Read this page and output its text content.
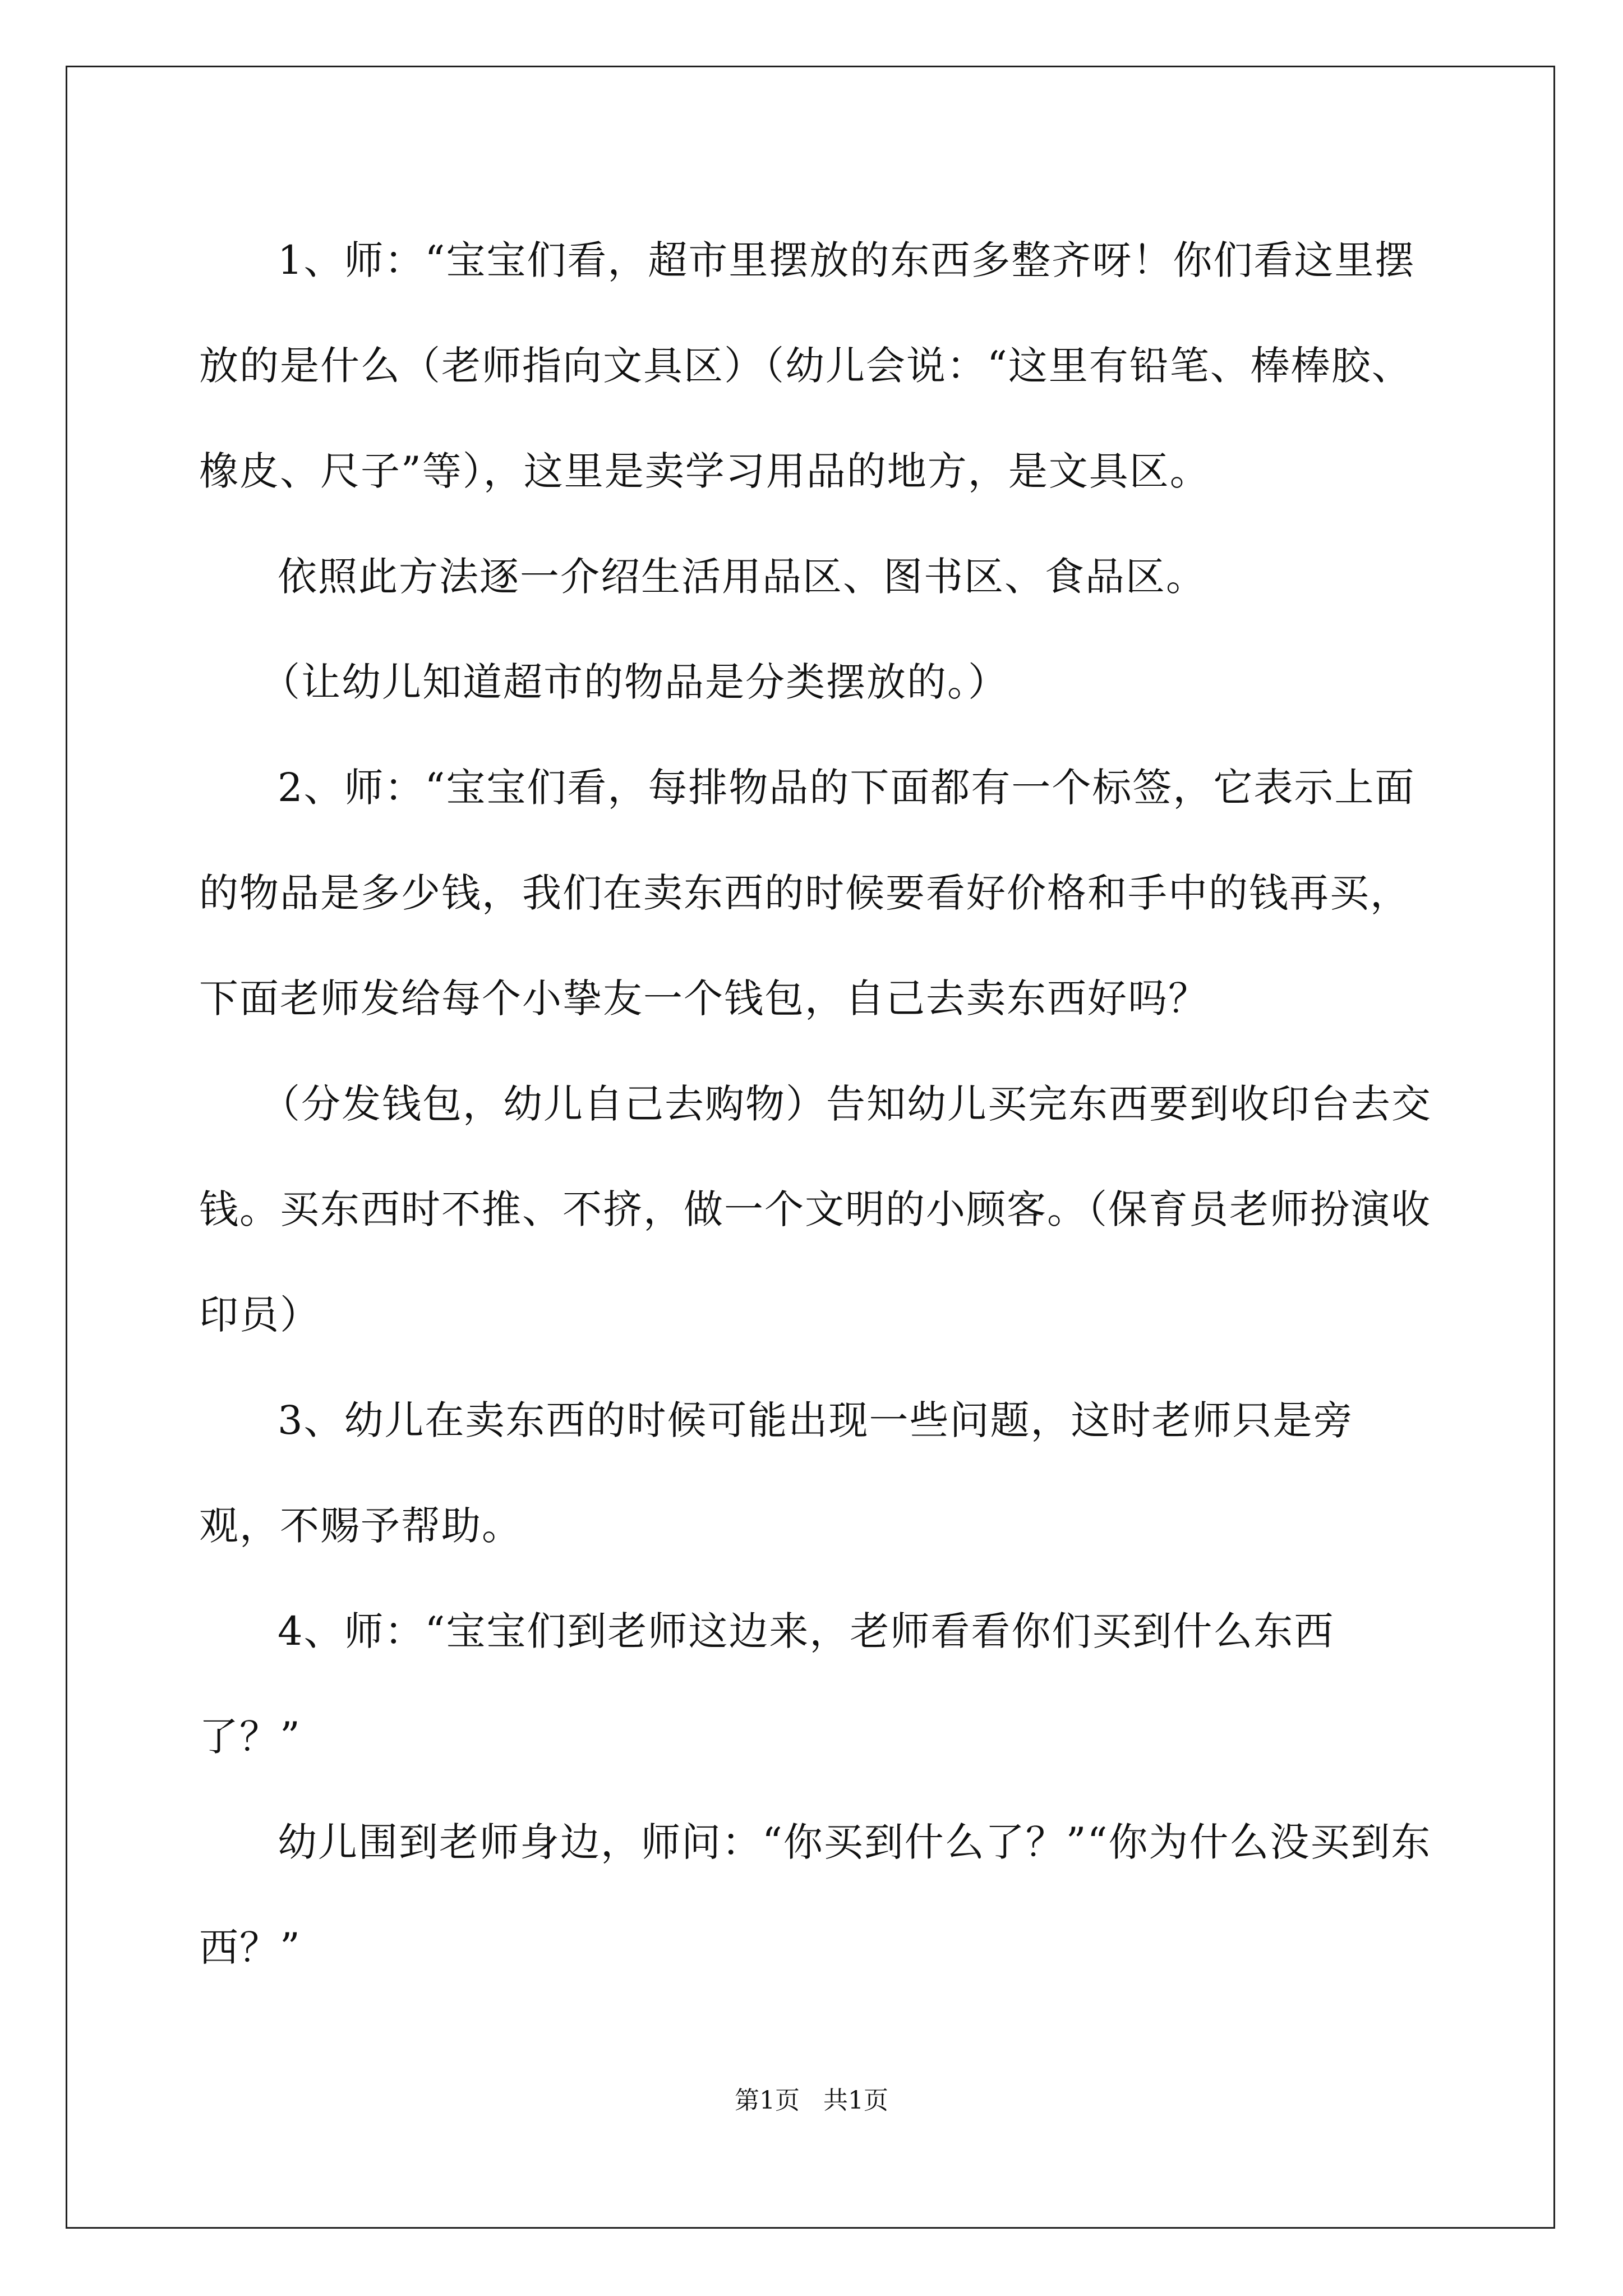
1、师：“宝宝们看，超市里摆放的东西多整齐呀！你们看这里摆放的是什么（老师指向文具区）（幼儿会说：“这里有铅笔、棒棒胶、橡皮、尺子”等），这里是卖学习用品的地方，是文具区。

依照此方法逐一介绍生活用品区、图书区、食品区。

（让幼儿知道超市的物品是分类摆放的。）

2、师：“宝宝们看，每排物品的下面都有一个标签，它表示上面的物品是多少钱，我们在卖东西的时候要看好价格和手中的钱再买，下面老师发给每个小挚友一个钱包，自己去卖东西好吗？

（分发钱包，幼儿自己去购物）告知幼儿买完东西要到收印台去交钱。买东西时不推、不挤，做一个文明的小顾客。（保育员老师扮演收印员）

3、幼儿在卖东西的时候可能出现一些问题，这时老师只是旁观，不赐予帮助。

4、师：“宝宝们到老师这边来，老师看看你们买到什么东西了？”

幼儿围到老师身边，师问：“你买到什么了？”“你为什么没买到东西？”

第1页 共1页
